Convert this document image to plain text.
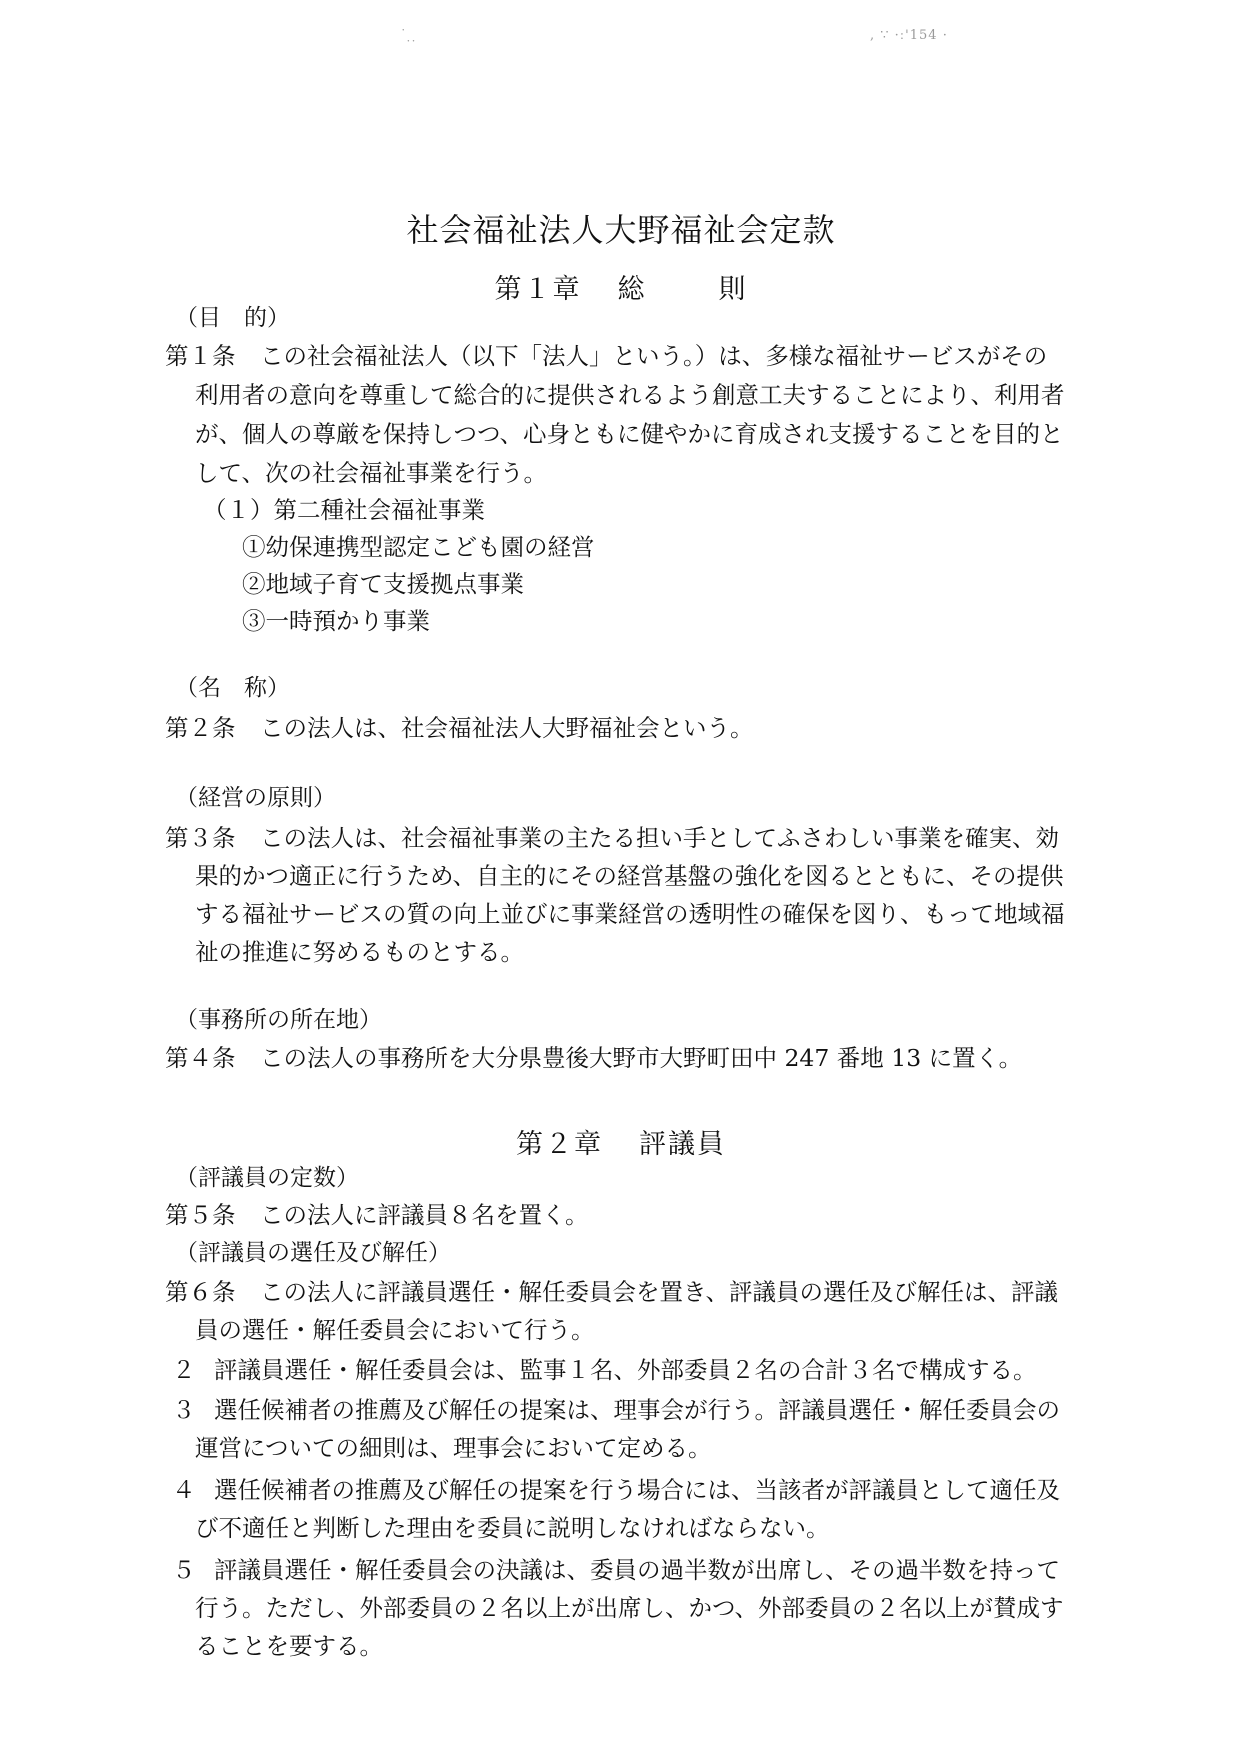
˙ ̣ ̣	, ∵ ·ː'154 ·
社会福祉法人大野福祉会定款
第１章 総	則
（目　的）
第１条 この社会福祉法人（以下「法人」という。）は、多様な福祉サービスがその
利用者の意向を尊重して総合的に提供されるよう創意工夫することにより、利用者
が、個人の尊厳を保持しつつ、心身ともに健やかに育成され支援することを目的と
して、次の社会福祉事業を行う。
（１）第二種社会福祉事業
①幼保連携型認定こども園の経営
②地域子育て支援拠点事業
③一時預かり事業
（名　称）
第２条 この法人は、社会福祉法人大野福祉会という。
（経営の原則）
第３条 この法人は、社会福祉事業の主たる担い手としてふさわしい事業を確実、効
果的かつ適正に行うため、自主的にその経営基盤の強化を図るとともに、その提供
する福祉サービスの質の向上並びに事業経営の透明性の確保を図り、もって地域福
祉の推進に努めるものとする。
（事務所の所在地）
第４条 この法人の事務所を大分県豊後大野市大野町田中 247 番地 13 に置く。
第２章 評議員
（評議員の定数）
第５条 この法人に評議員８名を置く。
（評議員の選任及び解任）
第６条 この法人に評議員選任・解任委員会を置き、評議員の選任及び解任は、評議
員の選任・解任委員会において行う。
２ 評議員選任・解任委員会は、監事１名、外部委員２名の合計３名で構成する。
３ 選任候補者の推薦及び解任の提案は、理事会が行う。評議員選任・解任委員会の
運営についての細則は、理事会において定める。
４ 選任候補者の推薦及び解任の提案を行う場合には、当該者が評議員として適任及
び不適任と判断した理由を委員に説明しなければならない。
５ 評議員選任・解任委員会の決議は、委員の過半数が出席し、その過半数を持って
行う。ただし、外部委員の２名以上が出席し、かつ、外部委員の２名以上が賛成す
ることを要する。
